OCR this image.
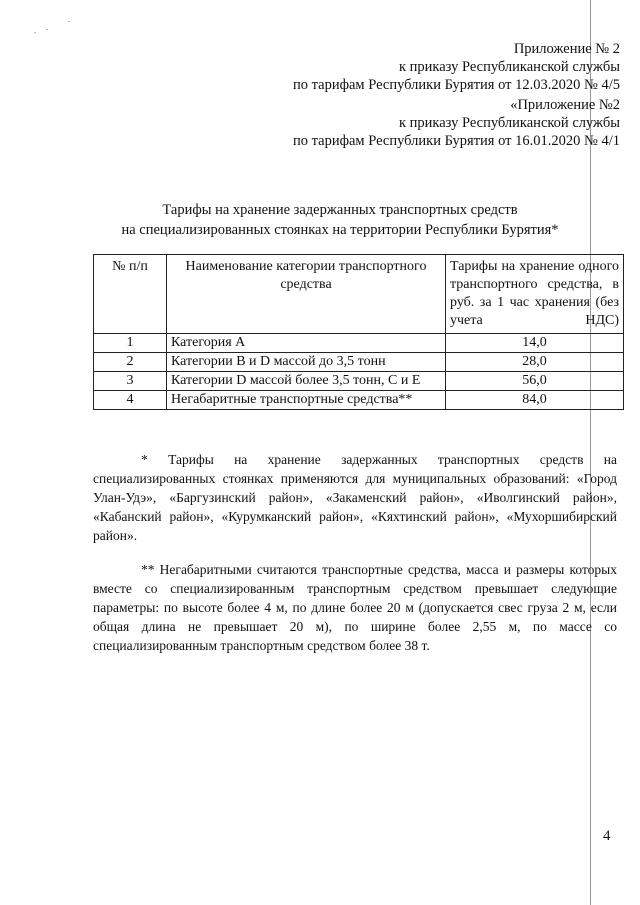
Приложение № 2
к приказу Республиканской службы
по тарифам Республики Бурятия от 12.03.2020 № 4/5
«Приложение №2
к приказу Республиканской службы
по тарифам Республики Бурятия от 16.01.2020 № 4/1
Тарифы на хранение задержанных транспортных средств
на специализированных стоянках на территории Республики Бурятия*
№ п/п	Наименование категории транспортного средства	Тарифы на хранение одного транспортного средства, в руб. за 1 час хранения (без учета НДС)
1	Категория А	14,0
2	Категории В и D массой до 3,5 тонн	28,0
3	Категории D массой более 3,5 тонн, С и Е	56,0
4	Негабаритные транспортные средства**	84,0

* Тарифы на хранение задержанных транспортных средств на специализированных стоянках применяются для муниципальных образований: «Город Улан-Удэ», «Баргузинский район», «Закаменский район», «Иволгинский район», «Кабанский район», «Курумканский район», «Кяхтинский район», «Мухоршибирский район».

** Негабаритными считаются транспортные средства, масса и размеры которых вместе со специализированным транспортным средством превышает следующие параметры: по высоте более 4 м, по длине более 20 м (допускается свес груза 2 м, если общая длина не превышает 20 м), по ширине более 2,55 м, по массе со специализированным транспортным средством более 38 т.

4
